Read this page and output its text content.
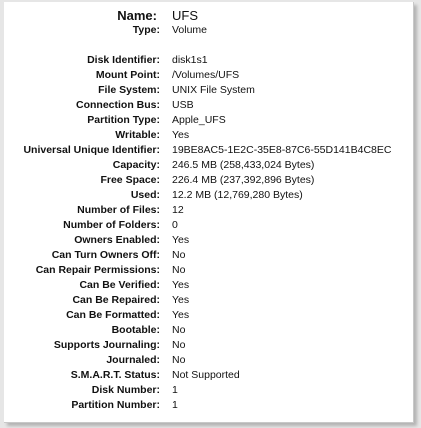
Name: UFS
Type: Volume
Disk Identifier: disk1s1
Mount Point: /Volumes/UFS
File System: UNIX File System
Connection Bus: USB
Partition Type: Apple_UFS
Writable: Yes
Universal Unique Identifier: 19BE8AC5-1E2C-35E8-87C6-55D141B4C8EC
Capacity: 246.5 MB (258,433,024 Bytes)
Free Space: 226.4 MB (237,392,896 Bytes)
Used: 12.2 MB (12,769,280 Bytes)
Number of Files: 12
Number of Folders: 0
Owners Enabled: Yes
Can Turn Owners Off: No
Can Repair Permissions: No
Can Be Verified: Yes
Can Be Repaired: Yes
Can Be Formatted: Yes
Bootable: No
Supports Journaling: No
Journaled: No
S.M.A.R.T. Status: Not Supported
Disk Number: 1
Partition Number: 1
